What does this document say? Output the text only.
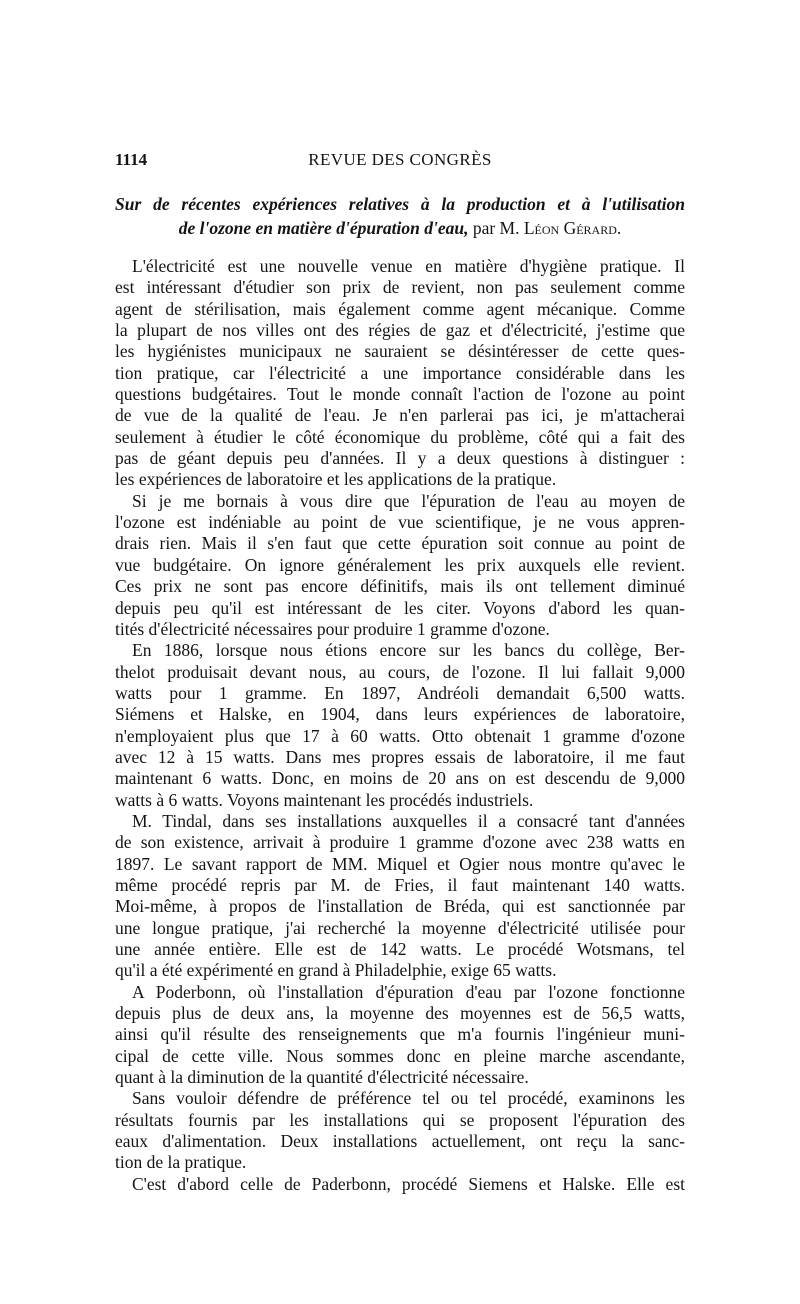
1114	REVUE DES CONGRÈS
Sur de récentes expériences relatives à la production et à l'utilisation
de l'ozone en matière d'épuration d'eau, par M. Léon Gérard.
L'électricité est une nouvelle venue en matière d'hygiène pratique. Il
est intéressant d'étudier son prix de revient, non pas seulement comme
agent de stérilisation, mais également comme agent mécanique. Comme
la plupart de nos villes ont des régies de gaz et d'électricité, j'estime que
les hygiénistes municipaux ne sauraient se désintéresser de cette ques-
tion pratique, car l'électricité a une importance considérable dans les
questions budgétaires. Tout le monde connaît l'action de l'ozone au point
de vue de la qualité de l'eau. Je n'en parlerai pas ici, je m'attacherai
seulement à étudier le côté économique du problème, côté qui a fait des
pas de géant depuis peu d'années. Il y a deux questions à distinguer :
les expériences de laboratoire et les applications de la pratique.
Si je me bornais à vous dire que l'épuration de l'eau au moyen de
l'ozone est indéniable au point de vue scientifique, je ne vous appren-
drais rien. Mais il s'en faut que cette épuration soit connue au point de
vue budgétaire. On ignore généralement les prix auxquels elle revient.
Ces prix ne sont pas encore définitifs, mais ils ont tellement diminué
depuis peu qu'il est intéressant de les citer. Voyons d'abord les quan-
tités d'électricité nécessaires pour produire 1 gramme d'ozone.
En 1886, lorsque nous étions encore sur les bancs du collège, Ber-
thelot produisait devant nous, au cours, de l'ozone. Il lui fallait 9,000
watts pour 1 gramme. En 1897, Andréoli demandait 6,500 watts.
Siémens et Halske, en 1904, dans leurs expériences de laboratoire,
n'employaient plus que 17 à 60 watts. Otto obtenait 1 gramme d'ozone
avec 12 à 15 watts. Dans mes propres essais de laboratoire, il me faut
maintenant 6 watts. Donc, en moins de 20 ans on est descendu de 9,000
watts à 6 watts. Voyons maintenant les procédés industriels.
M. Tindal, dans ses installations auxquelles il a consacré tant d'années
de son existence, arrivait à produire 1 gramme d'ozone avec 238 watts en
1897. Le savant rapport de MM. Miquel et Ogier nous montre qu'avec le
même procédé repris par M. de Fries, il faut maintenant 140 watts.
Moi-même, à propos de l'installation de Bréda, qui est sanctionnée par
une longue pratique, j'ai recherché la moyenne d'électricité utilisée pour
une année entière. Elle est de 142 watts. Le procédé Wotsmans, tel
qu'il a été expérimenté en grand à Philadelphie, exige 65 watts.
A Poderbonn, où l'installation d'épuration d'eau par l'ozone fonctionne
depuis plus de deux ans, la moyenne des moyennes est de 56,5 watts,
ainsi qu'il résulte des renseignements que m'a fournis l'ingénieur muni-
cipal de cette ville. Nous sommes donc en pleine marche ascendante,
quant à la diminution de la quantité d'électricité nécessaire.
Sans vouloir défendre de préférence tel ou tel procédé, examinons les
résultats fournis par les installations qui se proposent l'épuration des
eaux d'alimentation. Deux installations actuellement, ont reçu la sanc-
tion de la pratique.
C'est d'abord celle de Paderbonn, procédé Siemens et Halske. Elle est
